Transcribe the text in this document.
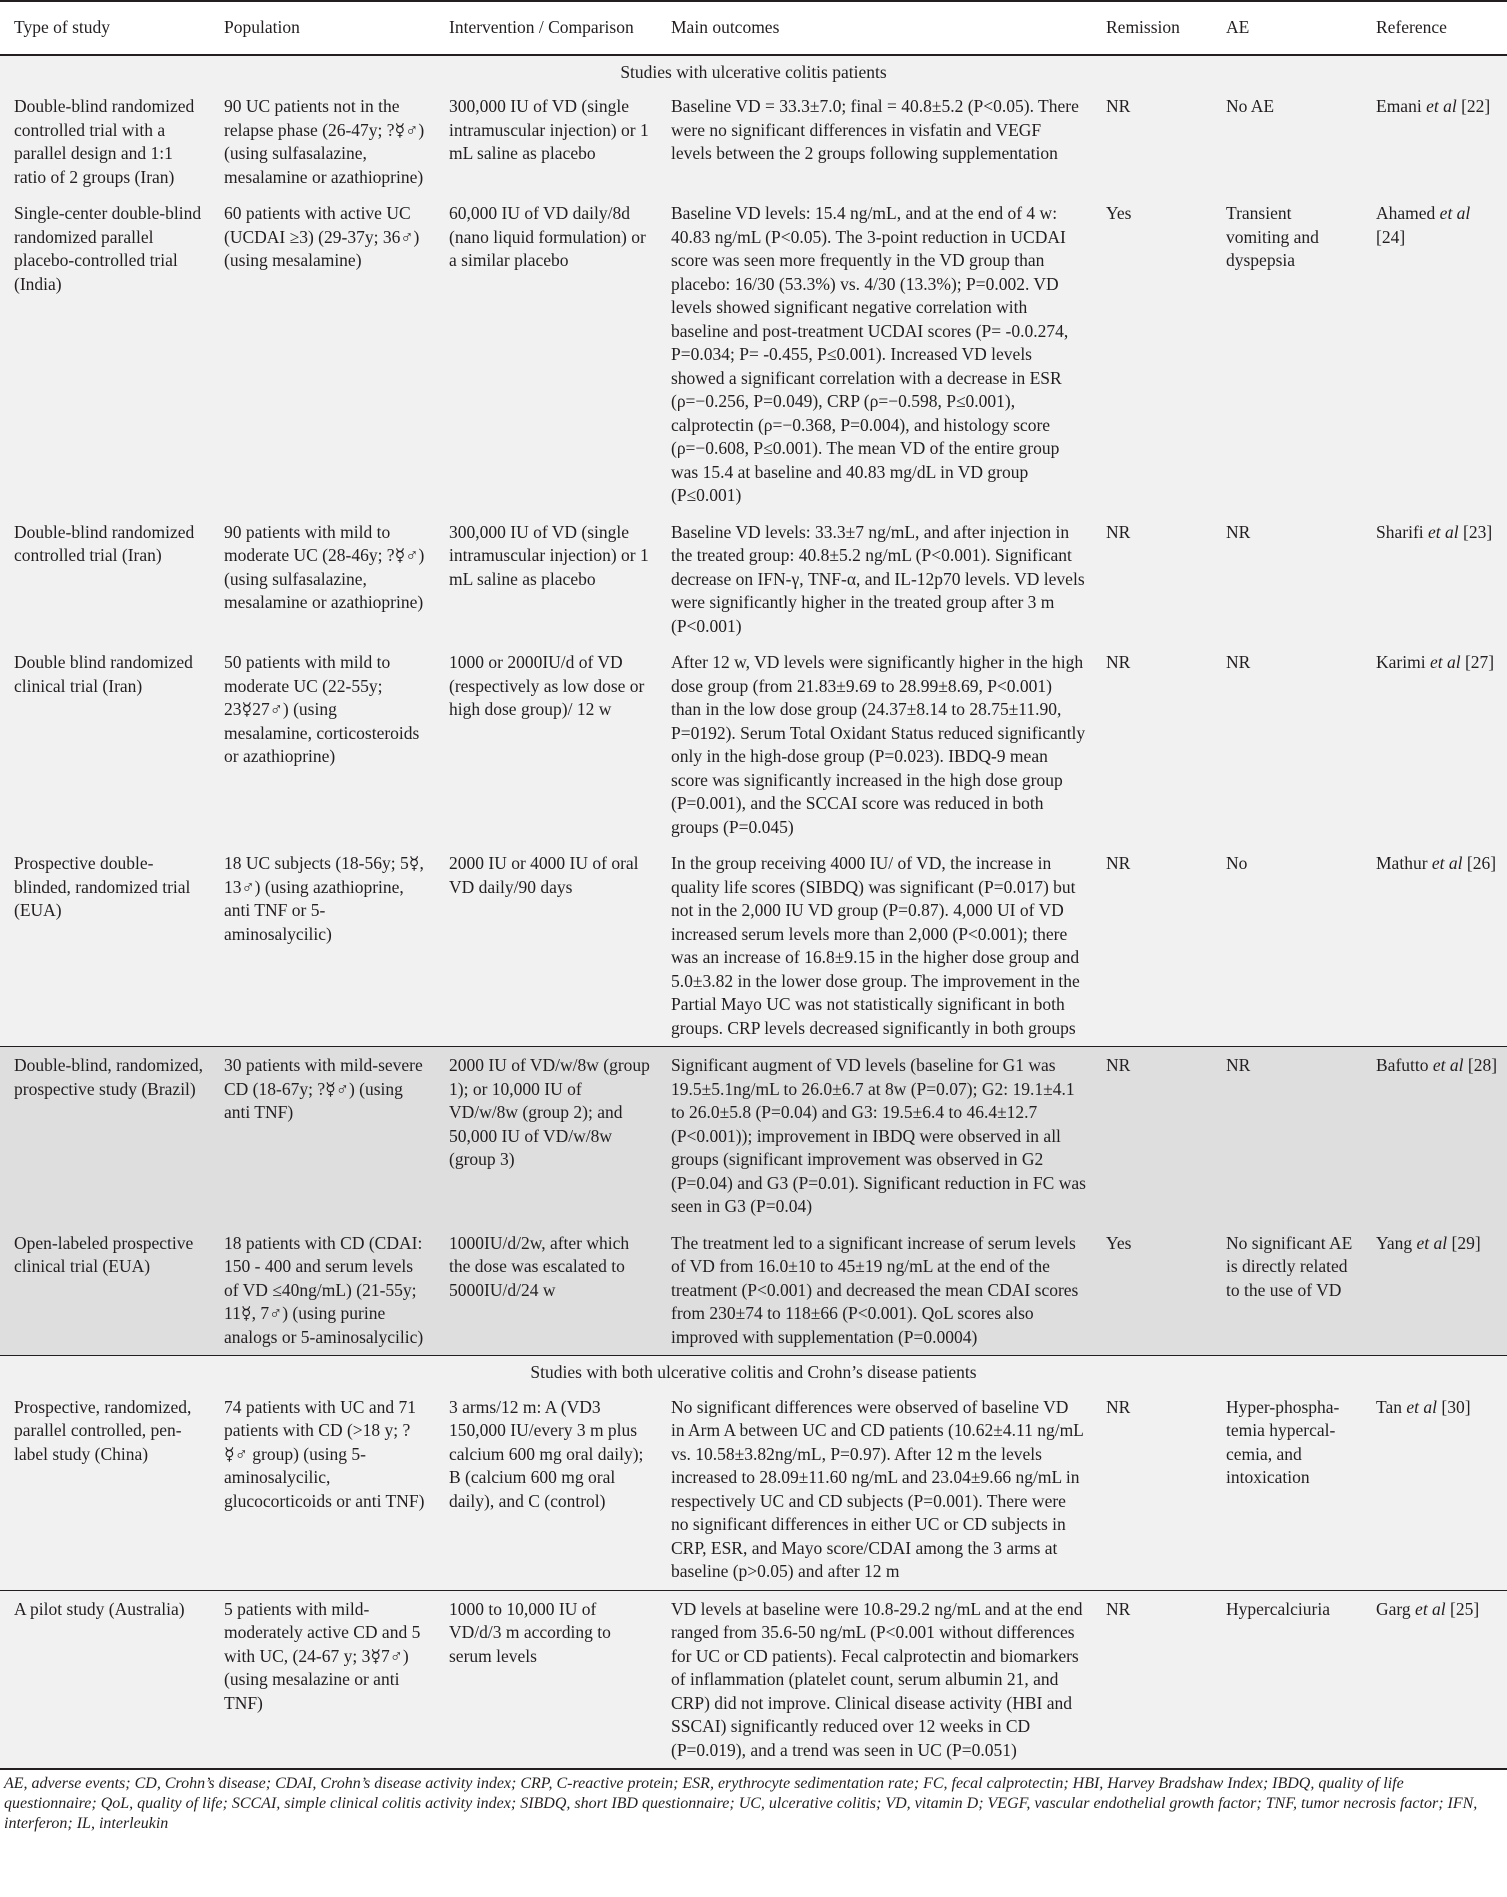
Type of study	Population	Intervention / Comparison	Main outcomes	Remission	AE	Reference
Studies with ulcerative colitis patients						
Double-blind randomized controlled trial with a parallel design and 1:1 ratio of 2 groups (Iran)	90 UC patients not in the relapse phase (26-47y; ?☿♂) (using sulfasalazine, mesalamine or azathioprine)	300,000 IU of VD (single intramuscular injection) or 1 mL saline as placebo	Baseline VD = 33.3±7.0; final = 40.8±5.2 (P<0.05). There were no significant differences in visfatin and VEGF levels between the 2 groups following supplementation	NR	No AE	Emani et al [22]
Single-center double-blind randomized parallel placebo-controlled trial (India)	60 patients with active UC (UCDAI ≥3) (29-37y; 36♂) (using mesalamine)	60,000 IU of VD daily/8d (nano liquid formulation) or a similar placebo	Baseline VD levels: 15.4 ng/mL, and at the end of 4 w: 40.83 ng/mL (P<0.05). The 3-point reduction in UCDAI score was seen more frequently in the VD group than placebo: 16/30 (53.3%) vs. 4/30 (13.3%); P=0.002. VD levels showed significant negative correlation with baseline and post-treatment UCDAI scores (P= -0.0.274, P=0.034; P= -0.455, P≤0.001). Increased VD levels showed a significant correlation with a decrease in ESR (ρ=−0.256, P=0.049), CRP (ρ=−0.598, P≤0.001), calprotectin (ρ=−0.368, P=0.004), and histology score (ρ=−0.608, P≤0.001). The mean VD of the entire group was 15.4 at baseline and 40.83 mg/dL in VD group (P≤0.001)	Yes	Transient vomiting and dyspepsia	Ahamed et al [24]
Double-blind randomized controlled trial (Iran)	90 patients with mild to moderate UC (28-46y; ?☿♂) (using sulfasalazine, mesalamine or azathioprine)	300,000 IU of VD (single intramuscular injection) or 1 mL saline as placebo	Baseline VD levels: 33.3±7 ng/mL, and after injection in the treated group: 40.8±5.2 ng/mL (P<0.001). Significant decrease on IFN-γ, TNF-α, and IL-12p70 levels. VD levels were significantly higher in the treated group after 3 m (P<0.001)	NR	NR	Sharifi et al [23]
Double blind randomized clinical trial (Iran)	50 patients with mild to moderate UC (22-55y; 23☿27♂) (using mesalamine, corticosteroids or azathioprine)	1000 or 2000IU/d of VD (respectively as low dose or high dose group)/ 12 w	After 12 w, VD levels were significantly higher in the high dose group (from 21.83±9.69 to 28.99±8.69, P<0.001) than in the low dose group (24.37±8.14 to 28.75±11.90, P=0192). Serum Total Oxidant Status reduced significantly only in the high-dose group (P=0.023). IBDQ-9 mean score was significantly increased in the high dose group (P=0.001), and the SCCAI score was reduced in both groups (P=0.045)	NR	NR	Karimi et al [27]
Prospective double-blinded, randomized trial (EUA)	18 UC subjects (18-56y; 5☿, 13♂) (using azathioprine, anti TNF or 5-aminosalycilic)	2000 IU or 4000 IU of oral VD daily/90 days	In the group receiving 4000 IU/ of VD, the increase in quality life scores (SIBDQ) was significant (P=0.017) but not in the 2,000 IU VD group (P=0.87). 4,000 UI of VD increased serum levels more than 2,000 (P<0.001); there was an increase of 16.8±9.15 in the higher dose group and 5.0±3.82 in the lower dose group. The improvement in the Partial Mayo UC was not statistically significant in both groups. CRP levels decreased significantly in both groups	NR	No	Mathur et al [26]
Double-blind, randomized, prospective study (Brazil)	30 patients with mild-severe CD (18-67y; ?☿♂) (using anti TNF)	2000 IU of VD/w/8w (group 1); or 10,000 IU of VD/w/8w (group 2); and 50,000 IU of VD/w/8w (group 3)	Significant augment of VD levels (baseline for G1 was 19.5±5.1ng/mL to 26.0±6.7 at 8w (P=0.07); G2: 19.1±4.1 to 26.0±5.8 (P=0.04) and G3: 19.5±6.4 to 46.4±12.7 (P<0.001)); improvement in IBDQ were observed in all groups (significant improvement was observed in G2 (P=0.04) and G3 (P=0.01). Significant reduction in FC was seen in G3 (P=0.04)	NR	NR	Bafutto et al [28]
Open-labeled prospective clinical trial (EUA)	18 patients with CD (CDAI: 150 - 400 and serum levels of VD ≤40ng/mL) (21-55y; 11☿, 7♂) (using purine analogs or 5-aminosalycilic)	1000IU/d/2w, after which the dose was escalated to 5000IU/d/24 w	The treatment led to a significant increase of serum levels of VD from 16.0±10 to 45±19 ng/mL at the end of the treatment (P<0.001) and decreased the mean CDAI scores from 230±74 to 118±66 (P<0.001). QoL scores also improved with supplementation (P=0.0004)	Yes	No significant AE is directly related to the use of VD	Yang et al [29]
Studies with both ulcerative colitis and Crohn’s disease patients						
Prospective, randomized, parallel controlled, pen-label study (China)	74 patients with UC and 71 patients with CD (>18 y; ?☿♂ group) (using 5-aminosalycilic, glucocorticoids or anti TNF)	3 arms/12 m: A (VD3 150,000 IU/every 3 m plus calcium 600 mg oral daily); B (calcium 600 mg oral daily), and C (control)	No significant differences were observed of baseline VD in Arm A between UC and CD patients (10.62±4.11 ng/mL vs. 10.58±3.82ng/mL, P=0.97). After 12 m the levels increased to 28.09±11.60 ng/mL and 23.04±9.66 ng/mL in respectively UC and CD subjects (P=0.001). There were no significant differences in either UC or CD subjects in CRP, ESR, and Mayo score/CDAI among the 3 arms at baseline (p>0.05) and after 12 m	NR	Hyper-phospha-temia hypercal-cemia, and intoxication	Tan et al [30]
A pilot study (Australia)	5 patients with mild-moderately active CD and 5 with UC, (24-67 y; 3☿7♂) (using mesalazine or anti TNF)	1000 to 10,000 IU of VD/d/3 m according to serum levels	VD levels at baseline were 10.8-29.2 ng/mL and at the end ranged from 35.6-50 ng/mL (P<0.001 without differences for UC or CD patients). Fecal calprotectin and biomarkers of inflammation (platelet count, serum albumin 21, and CRP) did not improve. Clinical disease activity (HBI and SSCAI) significantly reduced over 12 weeks in CD (P=0.019), and a trend was seen in UC (P=0.051)	NR	Hypercalciuria	Garg et al [25]
AE, adverse events; CD, Crohn’s disease; CDAI, Crohn’s disease activity index; CRP, C-reactive protein; ESR, erythrocyte sedimentation rate; FC, fecal calprotectin; HBI, Harvey Bradshaw Index; IBDQ, quality of life questionnaire; QoL, quality of life; SCCAI, simple clinical colitis activity index; SIBDQ, short IBD questionnaire; UC, ulcerative colitis; VD, vitamin D; VEGF, vascular endothelial growth factor; TNF, tumor necrosis factor; IFN, interferon; IL, interleukin
